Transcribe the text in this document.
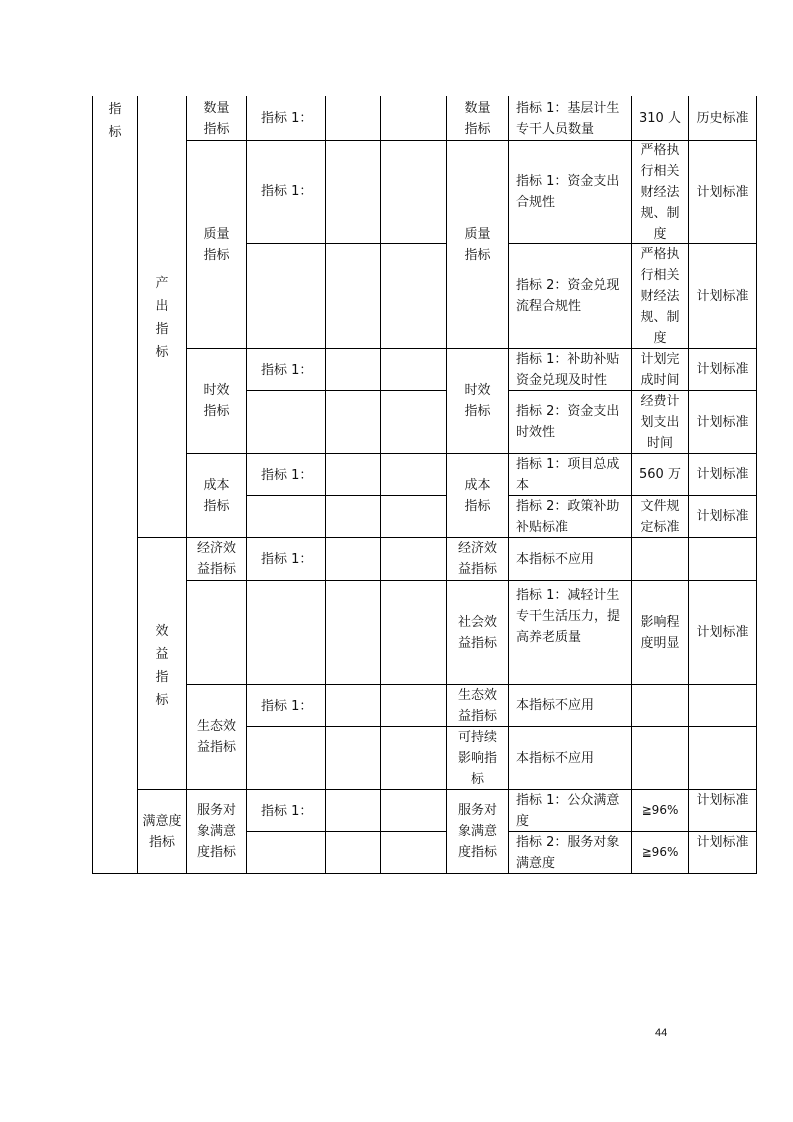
指标
产出指标
效益指标
满意度指标
数量指标
质量指标
时效指标
成本指标
经济效益指标
生态效益指标
服务对象满意度指标
指标 1：
指标 1：
指标 1：
指标 1：
指标 1：
指标 1：
指标 1：
数量指标
质量指标
时效指标
成本指标
经济效益指标
社会效益指标
生态效益指标
可持续影响指标
服务对象满意度指标
指标 1：基层计生专干人员数量
指标 1：资金支出合规性
指标 2：资金兑现流程合规性
指标 1：补助补贴资金兑现及时性
指标 2：资金支出时效性
指标 1：项目总成本
指标 2：政策补助补贴标准
本指标不应用
指标 1：减轻计生专干生活压力，提高养老质量
本指标不应用
本指标不应用
指标 1：公众满意度
指标 2：服务对象满意度
310 人
严格执行相关财经法规、制度
严格执行相关财经法规、制度
计划完成时间
经费计划支出时间
560 万
文件规定标准
影响程度明显
≧96%
≧96%
历史标准
计划标准
计划标准
计划标准
计划标准
计划标准
计划标准
计划标准
计划标准
计划标准
44
